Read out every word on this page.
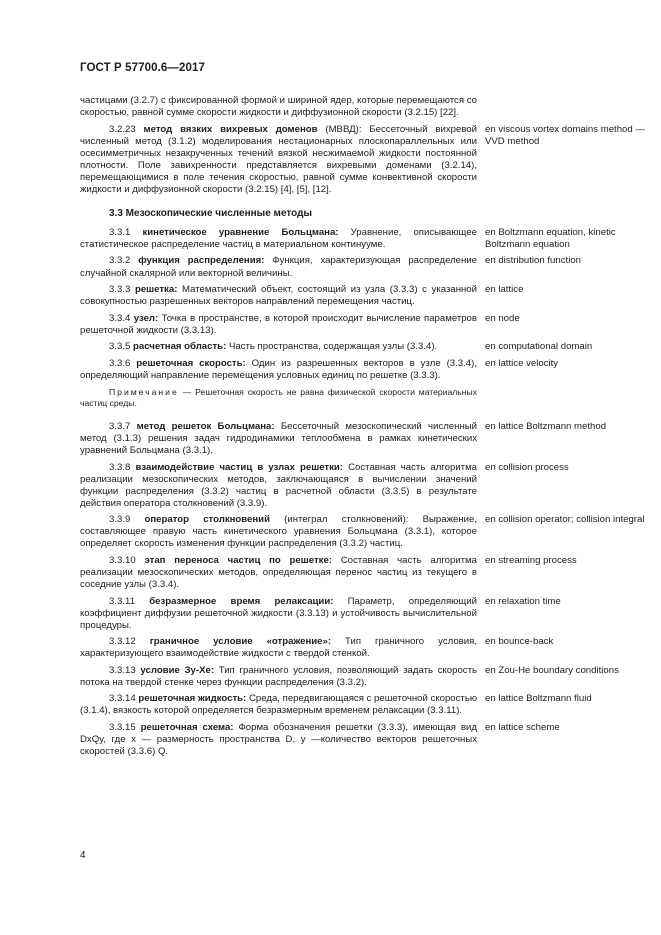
ГОСТ Р 57700.6—2017
частицами (3.2.7) с фиксированной формой и шириной ядер, которые перемещаются со скоростью, равной сумме скорости жидкости и диффузионной скорости (3.2.15) [22].
3.2.23 метод вязких вихревых доменов (МВВД): Бессеточный вихревой численный метод (3.1.2) моделирования нестационарных плоскопараллельных или осесимметричных незакрученных течений вязкой несжимаемой жидкости постоянной плотности. Поле завихренности представляется вихревыми доменами (3.2.14), перемещающимися в поле течения скоростью, равной сумме конвективной скорости жидкости и диффузионной скорости (3.2.15) [4], [5], [12].
en viscous vortex domains method — VVD method
3.3 Мезоскопические численные методы
3.3.1 кинетическое уравнение Больцмана: Уравнение, описывающее статистическое распределение частиц в материальном континууме.
en Boltzmann equation, kinetic Boltzmann equation
3.3.2 функция распределения: Функция, характеризующая распределение случайной скалярной или векторной величины.
en distribution function
3.3.3 решетка: Математический объект, состоящий из узла (3.3.3) с указанной совокупностью разрешенных векторов направлений перемещения частиц.
en lattice
3.3.4 узел: Точка в пространстве, в которой происходит вычисление параметров решеточной жидкости (3.3.13).
en node
3.3.5 расчетная область: Часть пространства, содержащая узлы (3.3.4).	en computational domain
3.3.6 решеточная скорость: Один из разрешенных векторов в узле (3.3.4), определяющий направление перемещения условных единиц по решетке (3.3.3).
en lattice velocity
Примечание — Решеточная скорость не равна физической скорости материальных частиц среды.
3.3.7 метод решеток Больцмана: Бессеточный мезоскопический численный метод (3.1.3) решения задач гидродинамики теплообмена в рамках кинетических уравнений Больцмана (3.3.1).
en lattice Boltzmann method
3.3.8 взаимодействие частиц в узлах решетки: Составная часть алгоритма реализации мезоскопических методов, заключающаяся в вычислении значений функции распределения (3.3.2) частиц в расчетной области (3.3.5) в результате действия оператора столкновений (3.3.9).
en collision process
3.3.9 оператор столкновений (интеграл столкновений): Выражение, составляющее правую часть кинетического уравнения Больцмана (3.3.1), которое определяет скорость изменения функции распределения (3.3.2) частиц.
en collision operator; collision integral
3.3.10 этап переноса частиц по решетке: Составная часть алгоритма реализации мезоскопических методов, определяющая перенос частиц из текущего в соседние узлы (3.3.4).
en streaming process
3.3.11 безразмерное время релаксации: Параметр, определяющий коэффициент диффузии решеточной жидкости (3.3.13) и устойчивость вычислительной процедуры.
en relaxation time
3.3.12 граничное условие «отражение»: Тип граничного условия, характеризующего взаимодействие жидкости с твердой стенкой.
en bounce-back
3.3.13 условие Зу-Хе: Тип граничного условия, позволяющий задать скорость потока на твердой стенке через функции распределения (3.3.2).
en Zou-He boundary conditions
3.3.14 решеточная жидкость: Среда, передвигающаяся с решеточной скоростью (3.1.4), вязкость которой определяется безразмерным временем релаксации (3.3.11).
en lattice Boltzmann fluid
3.3.15 решеточная схема: Форма обозначения решетки (3.3.3), имеющая вид DxQy, где x — размерность пространства D, y —количество векторов решеточных скоростей (3.3.6) Q.
en lattice scheme
4
